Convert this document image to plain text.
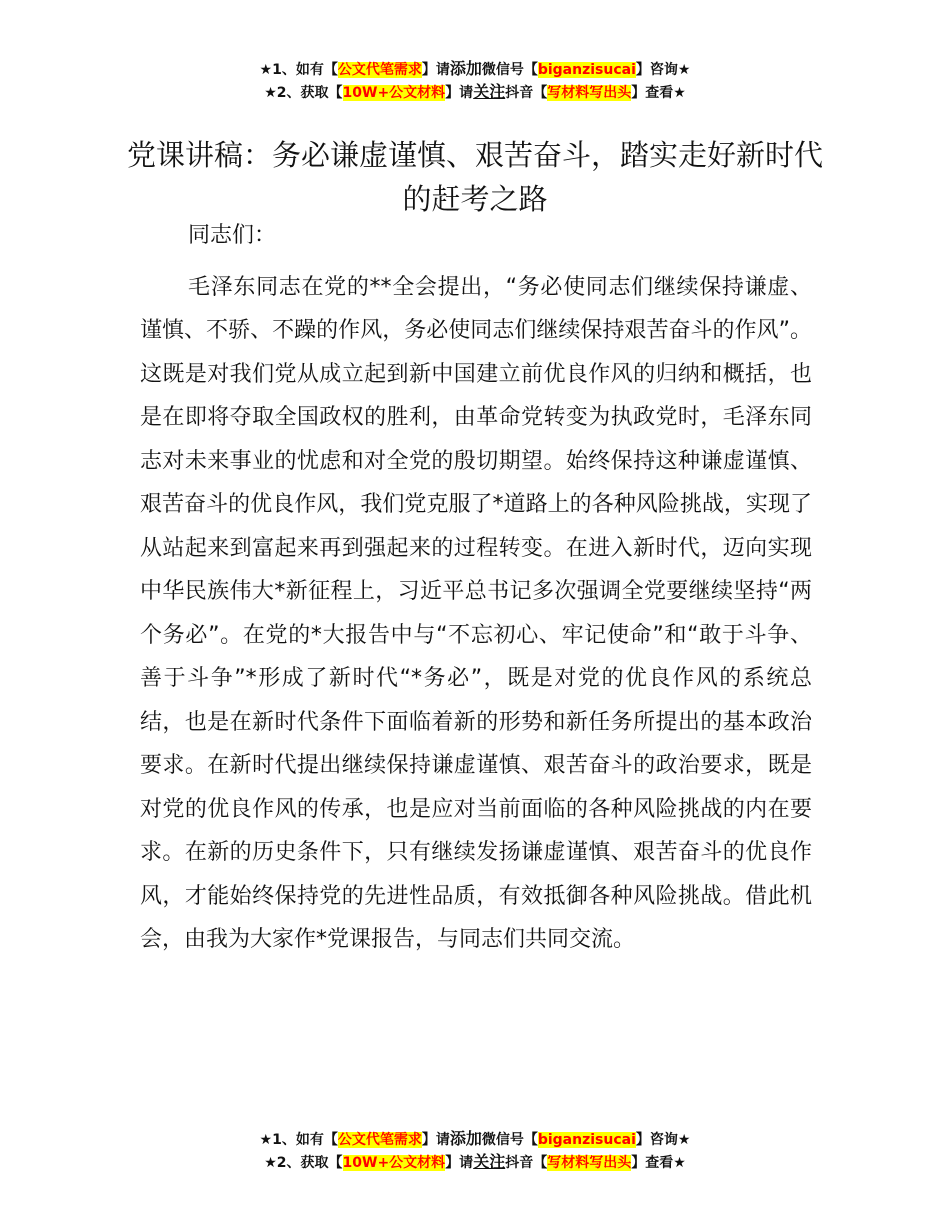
★1、如有【公文代笔需求】请添加微信号【biganzisucai】咨询★
★2、获取【10W+公文材料】请关注抖音【写材料写出头】查看★
党课讲稿：务必谦虚谨慎、艰苦奋斗，踏实走好新时代的赶考之路

同志们：

毛泽东同志在党的**全会提出，“务必使同志们继续保持谦虚、谨慎、不骄、不躁的作风，务必使同志们继续保持艰苦奋斗的作风”。这既是对我们党从成立起到新中国建立前优良作风的归纳和概括，也是在即将夺取全国政权的胜利，由革命党转变为执政党时，毛泽东同志对未来事业的忧虑和对全党的殷切期望。始终保持这种谦虚谨慎、艰苦奋斗的优良作风，我们党克服了*道路上的各种风险挑战，实现了从站起来到富起来再到强起来的过程转变。在进入新时代，迈向实现中华民族伟大*新征程上，习近平总书记多次强调全党要继续坚持“两个务必”。在党的*大报告中与“不忘初心、牢记使命”和“敢于斗争、善于斗争”*形成了新时代“*务必”，既是对党的优良作风的系统总结，也是在新时代条件下面临着新的形势和新任务所提出的基本政治要求。在新时代提出继续保持谦虚谨慎、艰苦奋斗的政治要求，既是对党的优良作风的传承，也是应对当前面临的各种风险挑战的内在要求。在新的历史条件下，只有继续发扬谦虚谨慎、艰苦奋斗的优良作风，才能始终保持党的先进性品质，有效抵御各种风险挑战。借此机会，由我为大家作*党课报告，与同志们共同交流。

★1、如有【公文代笔需求】请添加微信号【biganzisucai】咨询★
★2、获取【10W+公文材料】请关注抖音【写材料写出头】查看★
